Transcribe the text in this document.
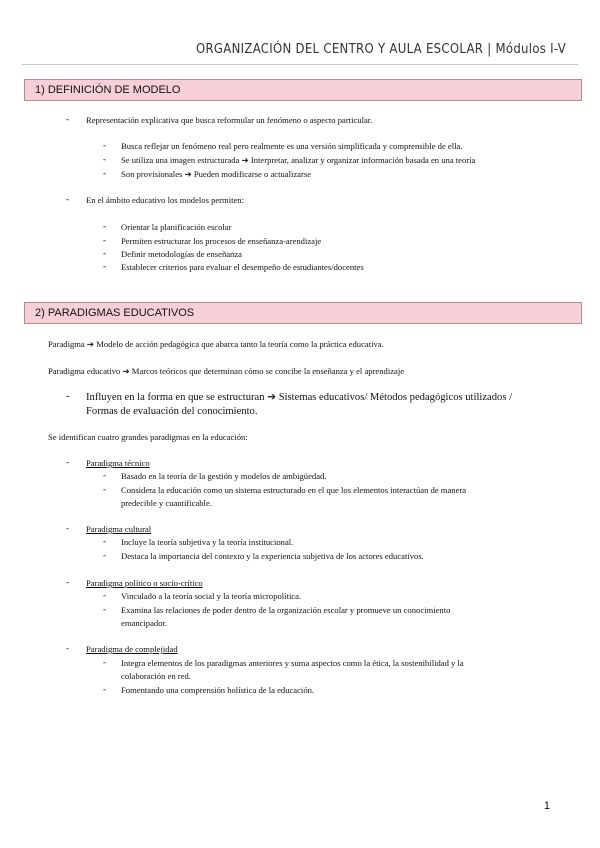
ORGANIZACIÓN DEL CENTRO Y AULA ESCOLAR | Módulos I-V
1) DEFINICIÓN DE MODELO
- Representación explicativa que busca reformular un fenómeno o aspecto particular.
- Busca reflejar un fenómeno real pero realmente es una versión simplificada y comprensible de ella.
- Se utiliza una imagen estructurada ➔ Interpretar, analizar y organizar información basada en una teoría
- Son provisionales ➔ Pueden modificarse o actualizarse
- En el ámbito educativo los modelos permiten:
- Orientar la planificación escolar
- Permiten estructurar los procesos de enseñanza-arendizaje
- Definir metodologías de enseñanza
- Establecer criterios para evaluar el desempeño de estudiantes/docentes
2) PARADIGMAS EDUCATIVOS
Paradigma ➔ Modelo de acción pedagógica que abarca tanto la teoría como la práctica educativa.
Paradigma educativo ➔ Marcos teóricos que determinan cómo se concibe la enseñanza y el aprendizaje
- Influyen en la forma en que se estructuran ➔ Sistemas educativos/ Métodos pedagógicos utilizados /
Formas de evaluación del conocimiento.
Se identifican cuatro grandes paradigmas en la educación:
- Paradigma técnico
- Basado en la teoría de la gestión y modelos de ambigüedad.
- Considera la educación como un sistema estructurado en el que los elementos interactúan de manera
predecible y cuantificable.
- Paradigma cultural
- Incluye la teoría subjetiva y la teoría institucional.
- Destaca la importancia del contexto y la experiencia subjetiva de los actores educativos.
- Paradigma político o socio-crítico
- Vinculado a la teoría social y la teoría micropolítica.
- Examina las relaciones de poder dentro de la organización escolar y promueve un conocimiento
emancipador.
- Paradigma de complejidad
- Integra elementos de los paradigmas anteriores y suma aspectos como la ética, la sostenibilidad y la
colaboración en red.
- Fomentando una comprensión holística de la educación.
1
